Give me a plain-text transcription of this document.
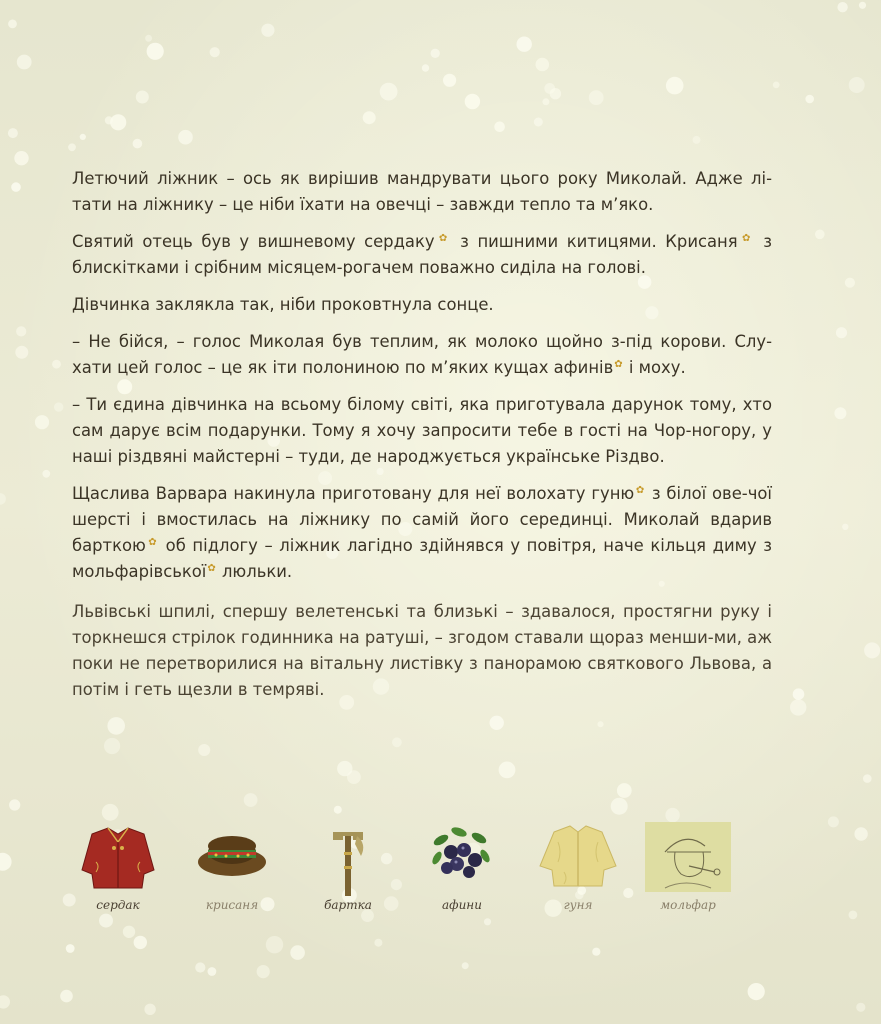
Летючий ліжник – ось як вирішив мандрувати цього року Миколай. Адже лі-тати на ліжнику – це ніби їхати на овечці – завжди тепло та м’яко.

Святий отець був у вишневому сердаку✿ з пишними китицями. Крисаня✿ з блискітками і срібним місяцем-рогачем поважно сиділа на голові.

Дівчинка заклякла так, ніби проковтнула сонце.

– Не бійся, – голос Миколая був теплим, як молоко щойно з-під корови. Слу-хати цей голос – це як іти полониною по м’яких кущах афинів✿ і моху.

– Ти єдина дівчинка на всьому білому світі, яка приготувала дарунок тому, хто сам дарує всім подарунки. Тому я хочу запросити тебе в гості на Чор-ногору, у наші різдвяні майстерні – туди, де народжується українське Різдво.

Щаслива Варвара накинула приготовану для неї волохату гуню✿ з білої ове-чої шерсті і вмостилась на ліжнику по самій його серединці. Миколай вдарив барткою✿ об підлогу – ліжник лагідно здійнявся у повітря, наче кільця диму з мольфарівської✿ люльки.

Львівські шпилі, спершу велетенські та близькі – здавалося, простягни руку і торкнешся стрілок годинника на ратуші, – згодом ставали щораз менши-ми, аж поки не перетворилися на вітальну листівку з панорамою святкового Львова, а потім і геть щезли в темряві.

сердак	крисаня	бартка	афини	гуня	мольфар
